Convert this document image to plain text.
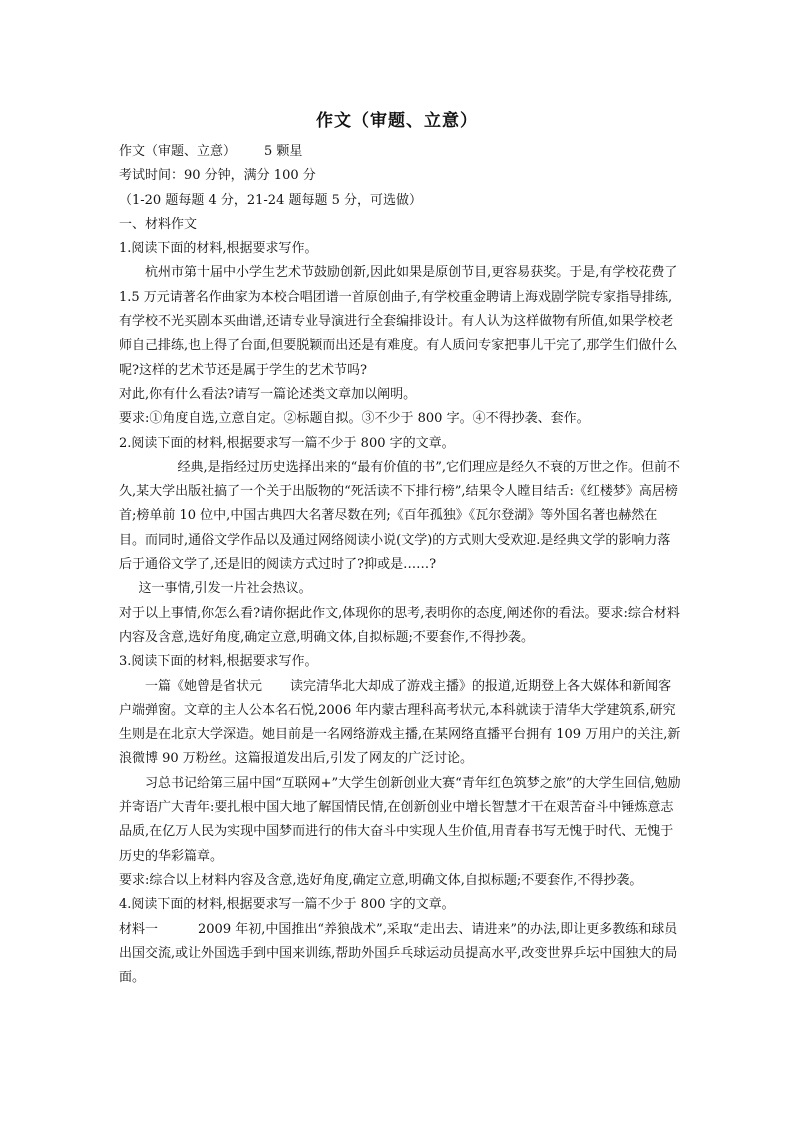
作文（审题、立意）

作文（审题、立意） 5 颗星

考试时间：90 分钟，满分 100 分

（1-20 题每题 4 分，21-24 题每题 5 分，可选做）

一、材料作文

1.阅读下面的材料,根据要求写作。

杭州市第十届中小学生艺术节鼓励创新,因此如果是原创节目,更容易获奖。于是,有学校花费了 1.5 万元请著名作曲家为本校合唱团谱一首原创曲子,有学校重金聘请上海戏剧学院专家指导排练,有学校不光买剧本买曲谱,还请专业导演进行全套编排设计。有人认为这样做物有所值,如果学校老师自己排练,也上得了台面,但要脱颖而出还是有难度。有人质问专家把事儿干完了,那学生们做什么呢?这样的艺术节还是属于学生的艺术节吗?

对此,你有什么看法?请写一篇论述类文章加以阐明。

要求:①角度自选,立意自定。②标题自拟。③不少于 800 字。④不得抄袭、套作。

2.阅读下面的材料,根据要求写一篇不少于 800 字的文章。

经典,是指经过历史选择出来的“最有价值的书”,它们理应是经久不衰的万世之作。但前不久,某大学出版社搞了一个关于出版物的“死活读不下排行榜”,结果令人瞠目结舌:《红楼梦》高居榜首;榜单前 10 位中,中国古典四大名著尽数在列;《百年孤独》《瓦尔登湖》等外国名著也赫然在目。而同时,通俗文学作品以及通过网络阅读小说(文学)的方式则大受欢迎.是经典文学的影响力落后于通俗文学了,还是旧的阅读方式过时了?抑或是……?

这一事情,引发一片社会热议。

对于以上事情,你怎么看?请你据此作文,体现你的思考,表明你的态度,阐述你的看法。要求:综合材料内容及含意,选好角度,确定立意,明确文体,自拟标题;不要套作,不得抄袭。

3.阅读下面的材料,根据要求写作。

一篇《她曾是省状元 读完清华北大却成了游戏主播》的报道,近期登上各大媒体和新闻客户端弹窗。文章的主人公本名石悦,2006 年内蒙古理科高考状元,本科就读于清华大学建筑系,研究生则是在北京大学深造。她目前是一名网络游戏主播,在某网络直播平台拥有 109 万用户的关注,新浪微博 90 万粉丝。这篇报道发出后,引发了网友的广泛讨论。

习总书记给第三届中国“互联网+”大学生创新创业大赛“青年红色筑梦之旅”的大学生回信,勉励并寄语广大青年:要扎根中国大地了解国情民情,在创新创业中增长智慧才干在艰苦奋斗中锤炼意志品质,在亿万人民为实现中国梦而进行的伟大奋斗中实现人生价值,用青春书写无愧于时代、无愧于历史的华彩篇章。

要求:综合以上材料内容及含意,选好角度,确定立意,明确文体,自拟标题;不要套作,不得抄袭。

4.阅读下面的材料,根据要求写一篇不少于 800 字的文章。

材料一	2009 年初,中国推出“养狼战术”,采取“走出去、请进来”的办法,即让更多教练和球员出国交流,或让外国选手到中国来训练,帮助外国乒乓球运动员提高水平,改变世界乒坛中国独大的局面。
